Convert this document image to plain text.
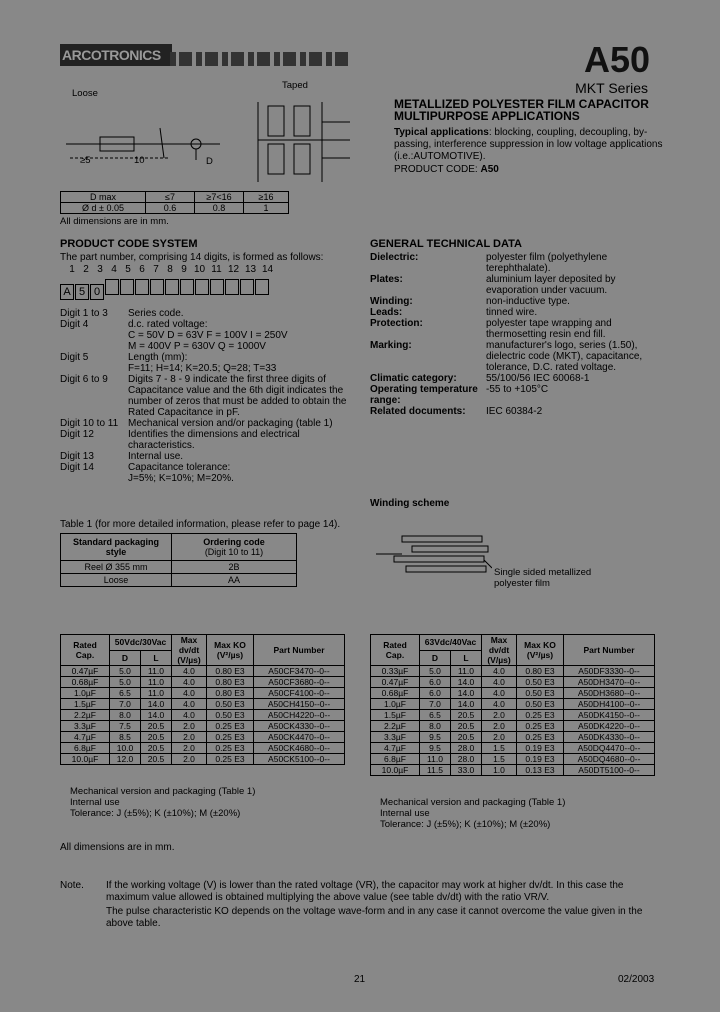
ARCOTRONICS	A50
MKT Series
METALLIZED POLYESTER FILM CAPACITOR
MULTIPURPOSE APPLICATIONS
Typical applications: blocking, coupling, decoupling, by-passing, interference suppression in low voltage applications (i.e.:AUTOMOTIVE).
PRODUCT CODE: A50
Loose
Taped
≥5	10	D
D max	≤7	≥7<16	≥16
Ø d ± 0.05	0.6	0.8	1
All dimensions are in mm.
PRODUCT CODE SYSTEM
The part number, comprising 14 digits, is formed as follows:
1 2 3 4 5 6 7 8 9 10 11 12 13 14
A 5 0
Digit 1 to 3	Series code.
Digit 4	d.c. rated voltage:
	C = 50V D = 63V F = 100V I = 250V
	M = 400V P = 630V Q = 1000V
Digit 5	Length (mm):
	F=11; H=14; K=20.5; Q=28; T=33
Digit 6 to 9	Digits 7 - 8 - 9 indicate the first three digits of Capacitance value and the 6th digit indicates the number of zeros that must be added to obtain the Rated Capacitance in pF.
Digit 10 to 11	Mechanical version and/or packaging (table 1)
Digit 12	Identifies the dimensions and electrical characteristics.
Digit 13	Internal use.
Digit 14	Capacitance tolerance:
	J=5%; K=10%; M=20%.
Table 1 (for more detailed information, please refer to page 14).
Standard packaging style	Ordering code
(Digit 10 to 11)
Reel Ø 355 mm	2B
Loose	AA
GENERAL TECHNICAL DATA
Dielectric:	polyester film (polyethylene terephthalate).
Plates:	aluminium layer deposited by evaporation under vacuum.
Winding:	non-inductive type.
Leads:	tinned wire.
Protection:	polyester tape wrapping and thermosetting resin end fill.
Marking:	manufacturer's logo, series (1.50), dielectric code (MKT), capacitance, tolerance, D.C. rated voltage.
Climatic category:	55/100/56 IEC 60068-1
Operating temperature range:	-55 to +105°C
Related documents:	IEC 60384-2
Winding scheme
Single sided metallized polyester film
Rated Cap.	50Vdc/30Vac		Max dv/dt (V/µs)	Max KO (V²/µs)	Part Number
	D	L			
0.47µF	5.0	11.0	4.0	0.80 E3	A50CF3470--0--
0.68µF	5.0	11.0	4.0	0.80 E3	A50CF3680--0--
1.0µF	6.5	11.0	4.0	0.80 E3	A50CF4100--0--
1.5µF	7.0	14.0	4.0	0.50 E3	A50CH4150--0--
2.2µF	8.0	14.0	4.0	0.50 E3	A50CH4220--0--
3.3µF	7.5	20.5	2.0	0.25 E3	A50CK4330--0--
4.7µF	8.5	20.5	2.0	0.25 E3	A50CK4470--0--
6.8µF	10.0	20.5	2.0	0.25 E3	A50CK4680--0--
10.0µF	12.0	20.5	2.0	0.25 E3	A50CK5100--0--
Mechanical version and packaging (Table 1)
Internal use
Tolerance: J (±5%); K (±10%); M (±20%)
Rated Cap.	63Vdc/40Vac		Max dv/dt (V/µs)	Max KO (V²/µs)	Part Number
	D	L			
0.33µF	5.0	11.0	4.0	0.80 E3	A50DF3330--0--
0.47µF	6.0	14.0	4.0	0.50 E3	A50DH3470--0--
0.68µF	6.0	14.0	4.0	0.50 E3	A50DH3680--0--
1.0µF	7.0	14.0	4.0	0.50 E3	A50DH4100--0--
1.5µF	6.5	20.5	2.0	0.25 E3	A50DK4150--0--
2.2µF	8.0	20.5	2.0	0.25 E3	A50DK4220--0--
3.3µF	9.5	20.5	2.0	0.25 E3	A50DK4330--0--
4.7µF	9.5	28.0	1.5	0.19 E3	A50DQ4470--0--
6.8µF	11.0	28.0	1.5	0.19 E3	A50DQ4680--0--
10.0µF	11.5	33.0	1.0	0.13 E3	A50DT5100--0--
Mechanical version and packaging (Table 1)
Internal use
Tolerance: J (±5%); K (±10%); M (±20%)
All dimensions are in mm.
Note. If the working voltage (V) is lower than the rated voltage (VR), the capacitor may work at higher dv/dt. In this case the maximum value allowed is obtained multiplying the above value (see table dv/dt) with the ratio VR/V.
The pulse characteristic KO depends on the voltage wave-form and in any case it cannot overcome the value given in the above table.
21	02/2003
